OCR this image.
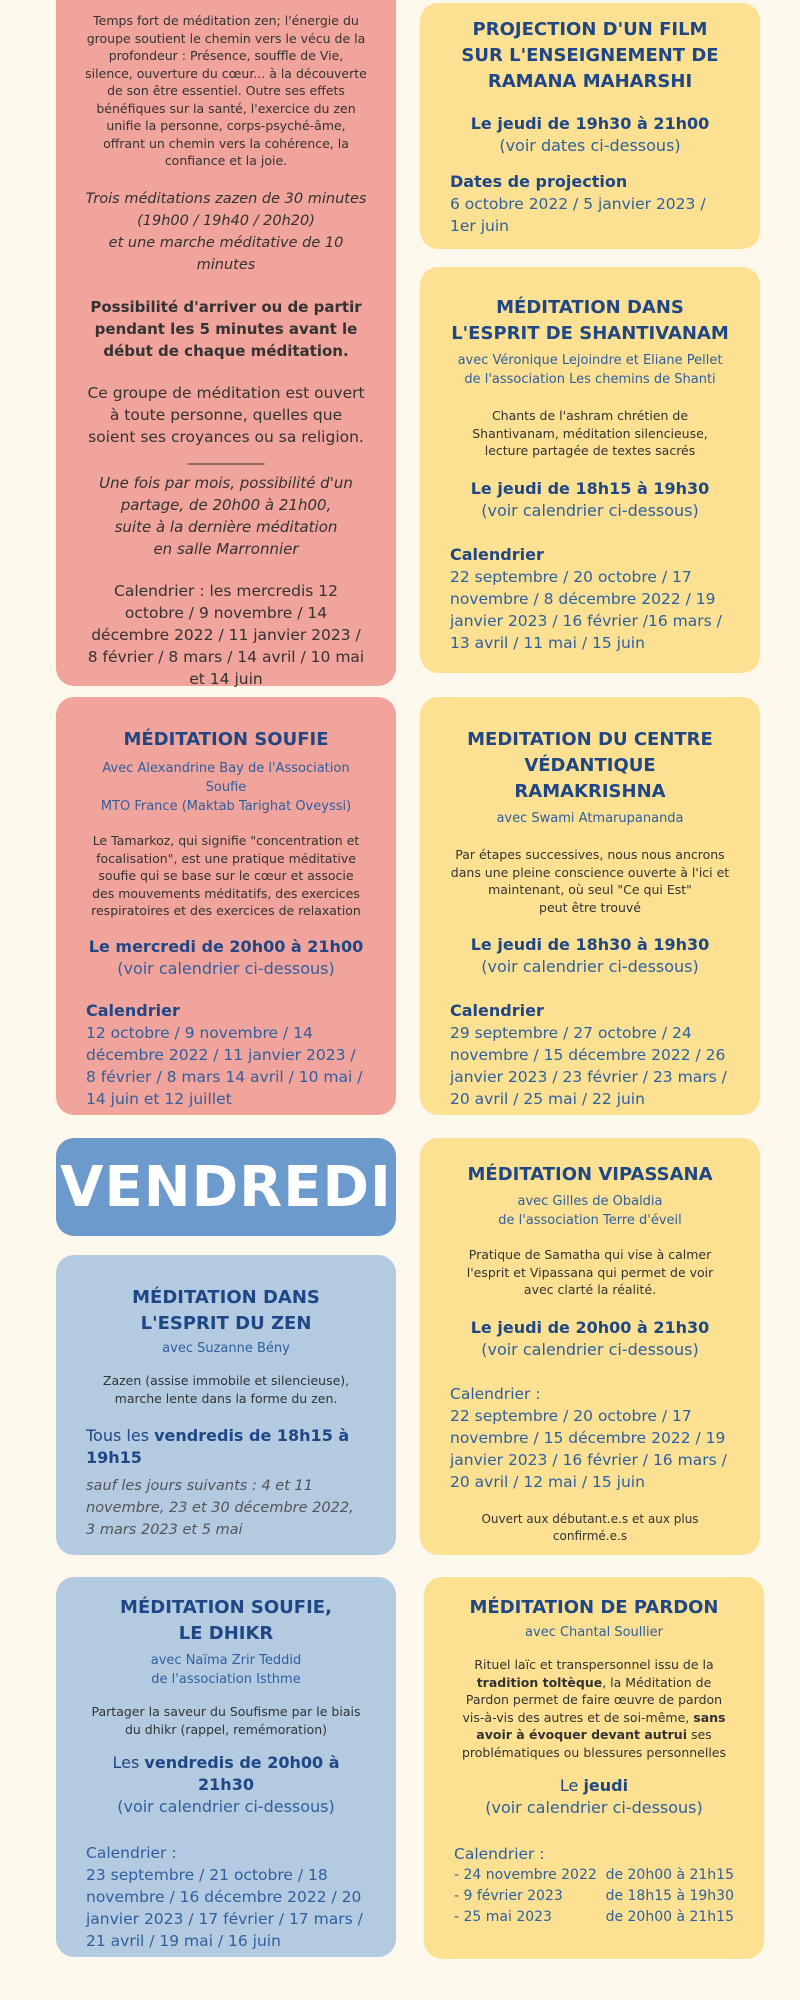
Temps fort de méditation zen; l'énergie du groupe soutient le chemin vers le vécu de la profondeur : Présence, souffle de Vie, silence, ouverture du cœur... à la découverte de son être essentiel. Outre ses effets bénéfiques sur la santé, l'exercice du zen unifie la personne, corps-psyché-âme, offrant un chemin vers la cohérence, la confiance et la joie.

Trois méditations zazen de 30 minutes
(19h00 / 19h40 / 20h20)
et une marche méditative de 10 minutes

Possibilité d'arriver ou de partir pendant les 5 minutes avant le début de chaque méditation.

Ce groupe de méditation est ouvert à toute personne, quelles que soient ses croyances ou sa religion.

___________

Une fois par mois, possibilité d'un
partage, de 20h00 à 21h00,
suite à la dernière méditation
en salle Marronnier

Calendrier : les mercredis 12 octobre / 9 novembre / 14 décembre 2022 / 11 janvier 2023 / 8 février / 8 mars / 14 avril / 10 mai et 14 juin

PROJECTION D'UN FILM SUR L'ENSEIGNEMENT DE RAMANA MAHARSHI

Le jeudi de 19h30 à 21h00

(voir dates ci-dessous)

Dates de projection

6 octobre 2022 / 5 janvier 2023 / 1er juin

MÉDITATION DANS L'ESPRIT DE SHANTIVANAM

avec Véronique Lejoindre et Eliane Pellet
de l'association Les chemins de Shanti

Chants de l'ashram chrétien de Shantivanam, méditation silencieuse, lecture partagée de textes sacrés

Le jeudi de 18h15 à 19h30

(voir calendrier ci-dessous)

Calendrier

22 septembre / 20 octobre / 17 novembre / 8 décembre 2022 / 19 janvier 2023 / 16 février /16 mars / 13 avril / 11 mai / 15 juin

MÉDITATION SOUFIE

Avec Alexandrine Bay de l'Association Soufie
MTO France (Maktab Tarighat Oveyssi)

Le Tamarkoz, qui signifie "concentration et focalisation", est une pratique méditative soufie qui se base sur le cœur et associe des mouvements méditatifs, des exercices respiratoires et des exercices de relaxation

Le mercredi de 20h00 à 21h00

(voir calendrier ci-dessous)

Calendrier

12 octobre / 9 novembre / 14 décembre 2022 / 11 janvier 2023 / 8 février / 8 mars 14 avril / 10 mai / 14 juin et 12 juillet

MEDITATION DU CENTRE VÉDANTIQUE RAMAKRISHNA

avec Swami Atmarupananda

Par étapes successives, nous nous ancrons dans une pleine conscience ouverte à l'ici et maintenant, où seul "Ce qui Est"
peut être trouvé

Le jeudi de 18h30 à 19h30

(voir calendrier ci-dessous)

Calendrier

29 septembre / 27 octobre / 24 novembre / 15 décembre 2022 / 26 janvier 2023 / 23 février / 23 mars / 20 avril / 25 mai / 22 juin

VENDREDI	MÉDITATION VIPASSANA

avec Gilles de Obaldia
de l'association Terre d'éveil

Pratique de Samatha qui vise à calmer l'esprit et Vipassana qui permet de voir avec clarté la réalité.

Le jeudi de 20h00 à 21h30

(voir calendrier ci-dessous)

Calendrier :

22 septembre / 20 octobre / 17 novembre / 15 décembre 2022 / 19 janvier 2023 / 16 février / 16 mars / 20 avril / 12 mai / 15 juin

Ouvert aux débutant.e.s et aux plus confirmé.e.s

MÉDITATION DANS L'ESPRIT DU ZEN

avec Suzanne Bény

Zazen (assise immobile et silencieuse), marche lente dans la forme du zen.

Tous les vendredis de 18h15 à 19h15

sauf les jours suivants : 4 et 11 novembre, 23 et 30 décembre 2022, 3 mars 2023 et 5 mai

MÉDITATION SOUFIE,
LE DHIKR

avec Naïma Zrir Teddid
de l'association Isthme

Partager la saveur du Soufisme par le biais du dhikr (rappel, remémoration)

Les vendredis de 20h00 à 21h30

(voir calendrier ci-dessous)

Calendrier :

23 septembre / 21 octobre / 18 novembre / 16 décembre 2022 / 20 janvier 2023 / 17 février / 17 mars / 21 avril / 19 mai / 16 juin

MÉDITATION DE PARDON

avec Chantal Soullier

Rituel laïc et transpersonnel issu de la tradition toltèque, la Méditation de Pardon permet de faire œuvre de pardon vis-à-vis des autres et de soi-même, sans avoir à évoquer devant autrui ses problématiques ou blessures personnelles

Le jeudi

(voir calendrier ci-dessous)

Calendrier :

- 24 novembre 2022 de 20h00 à 21h15
- 9 février 2023	de 18h15 à 19h30
- 25 mai 2023	de 20h00 à 21h15
